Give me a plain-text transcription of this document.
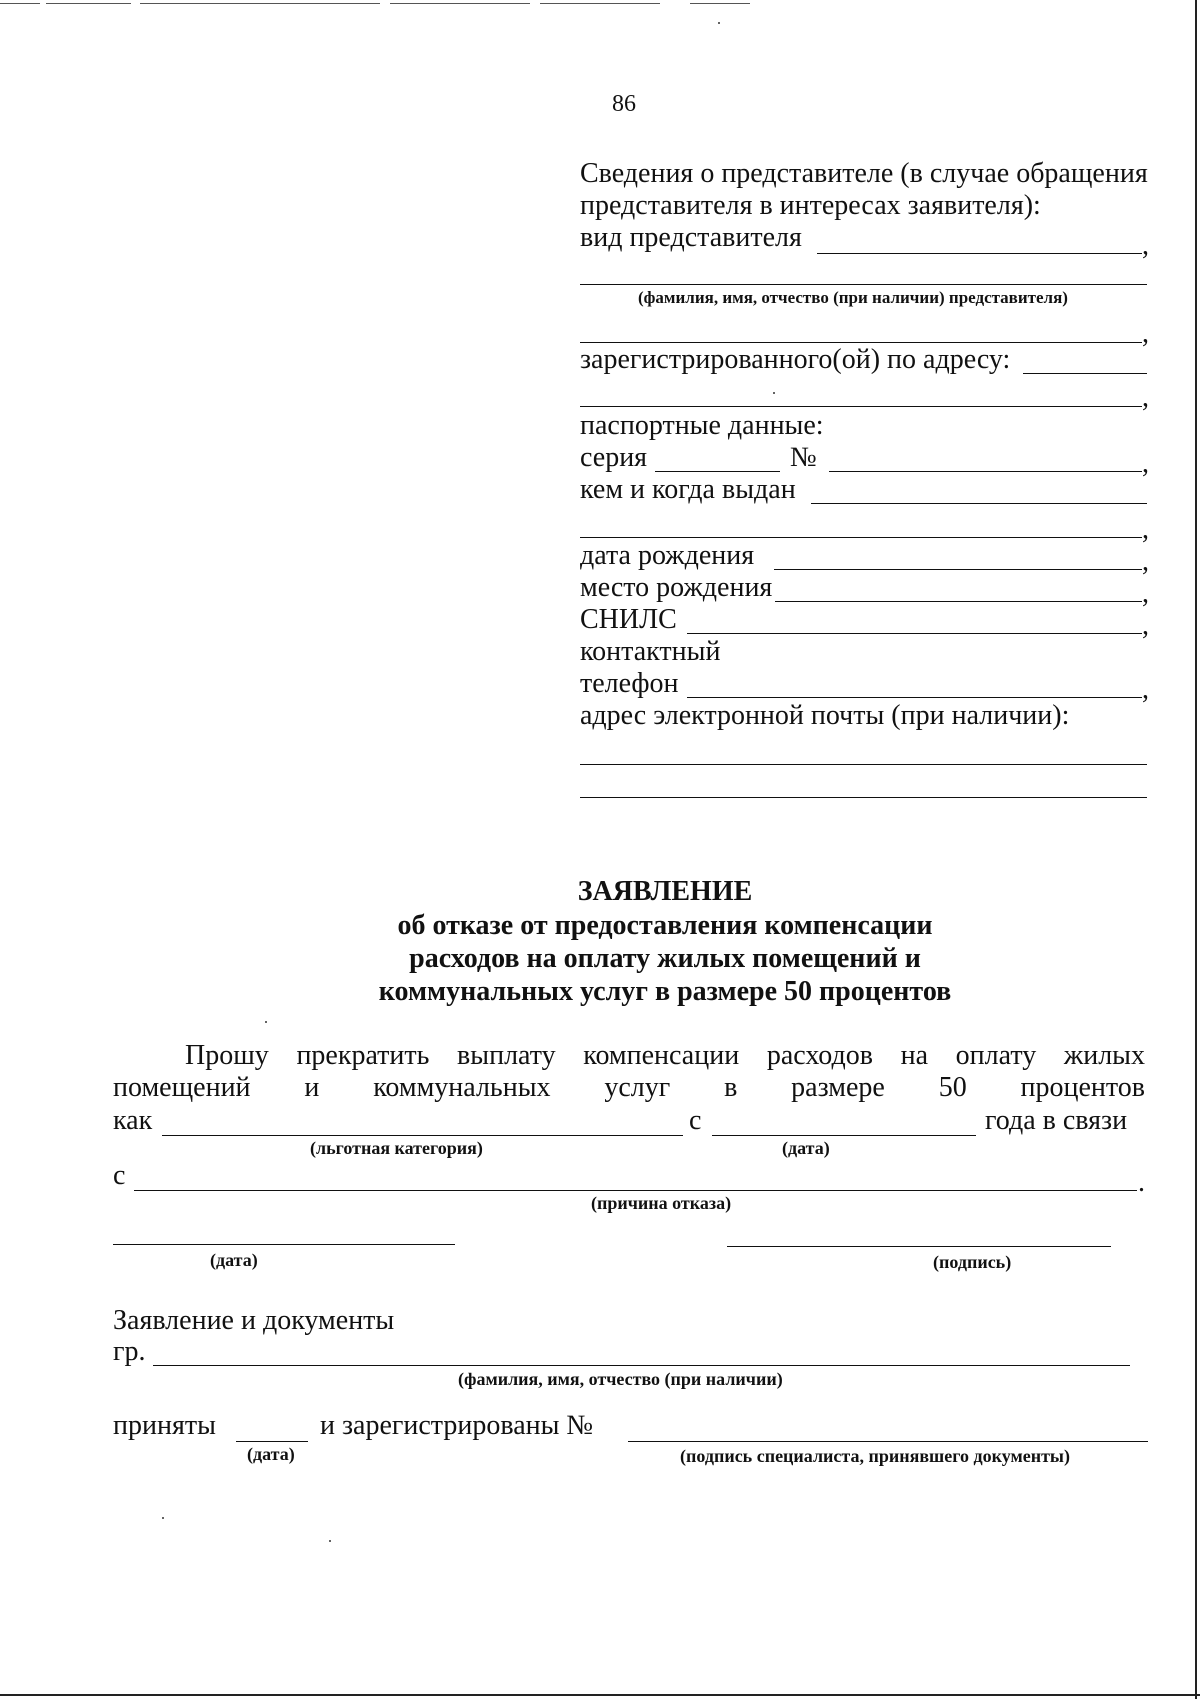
86
Сведения о представителе (в случае обращения
представителя в интересах заявителя):
вид представителя	,
(фамилия, имя, отчество (при наличии) представителя)
,
зарегистрированного(ой) по адресу:
,
паспортные данные:
серия	№	,
кем и когда выдан
,
дата рождения	,
место рождения	,
СНИЛС	,
контактный
телефон	,
адрес электронной почты (при наличии):
ЗАЯВЛЕНИЕ
об отказе от предоставления компенсации
расходов на оплату жилых помещений и
коммунальных услуг в размере 50 процентов
Прошу прекратить выплату компенсации расходов на оплату жилых
помещений и коммунальных услуг в размере 50 процентов
как	с	года в связи
(льготная категория)	(дата)
с	.
(причина отказа)
(дата)	(подпись)
Заявление и документы
гр.
(фамилия, имя, отчество (при наличии)
приняты	и зарегистрированы №
(дата)	(подпись специалиста, принявшего документы)
